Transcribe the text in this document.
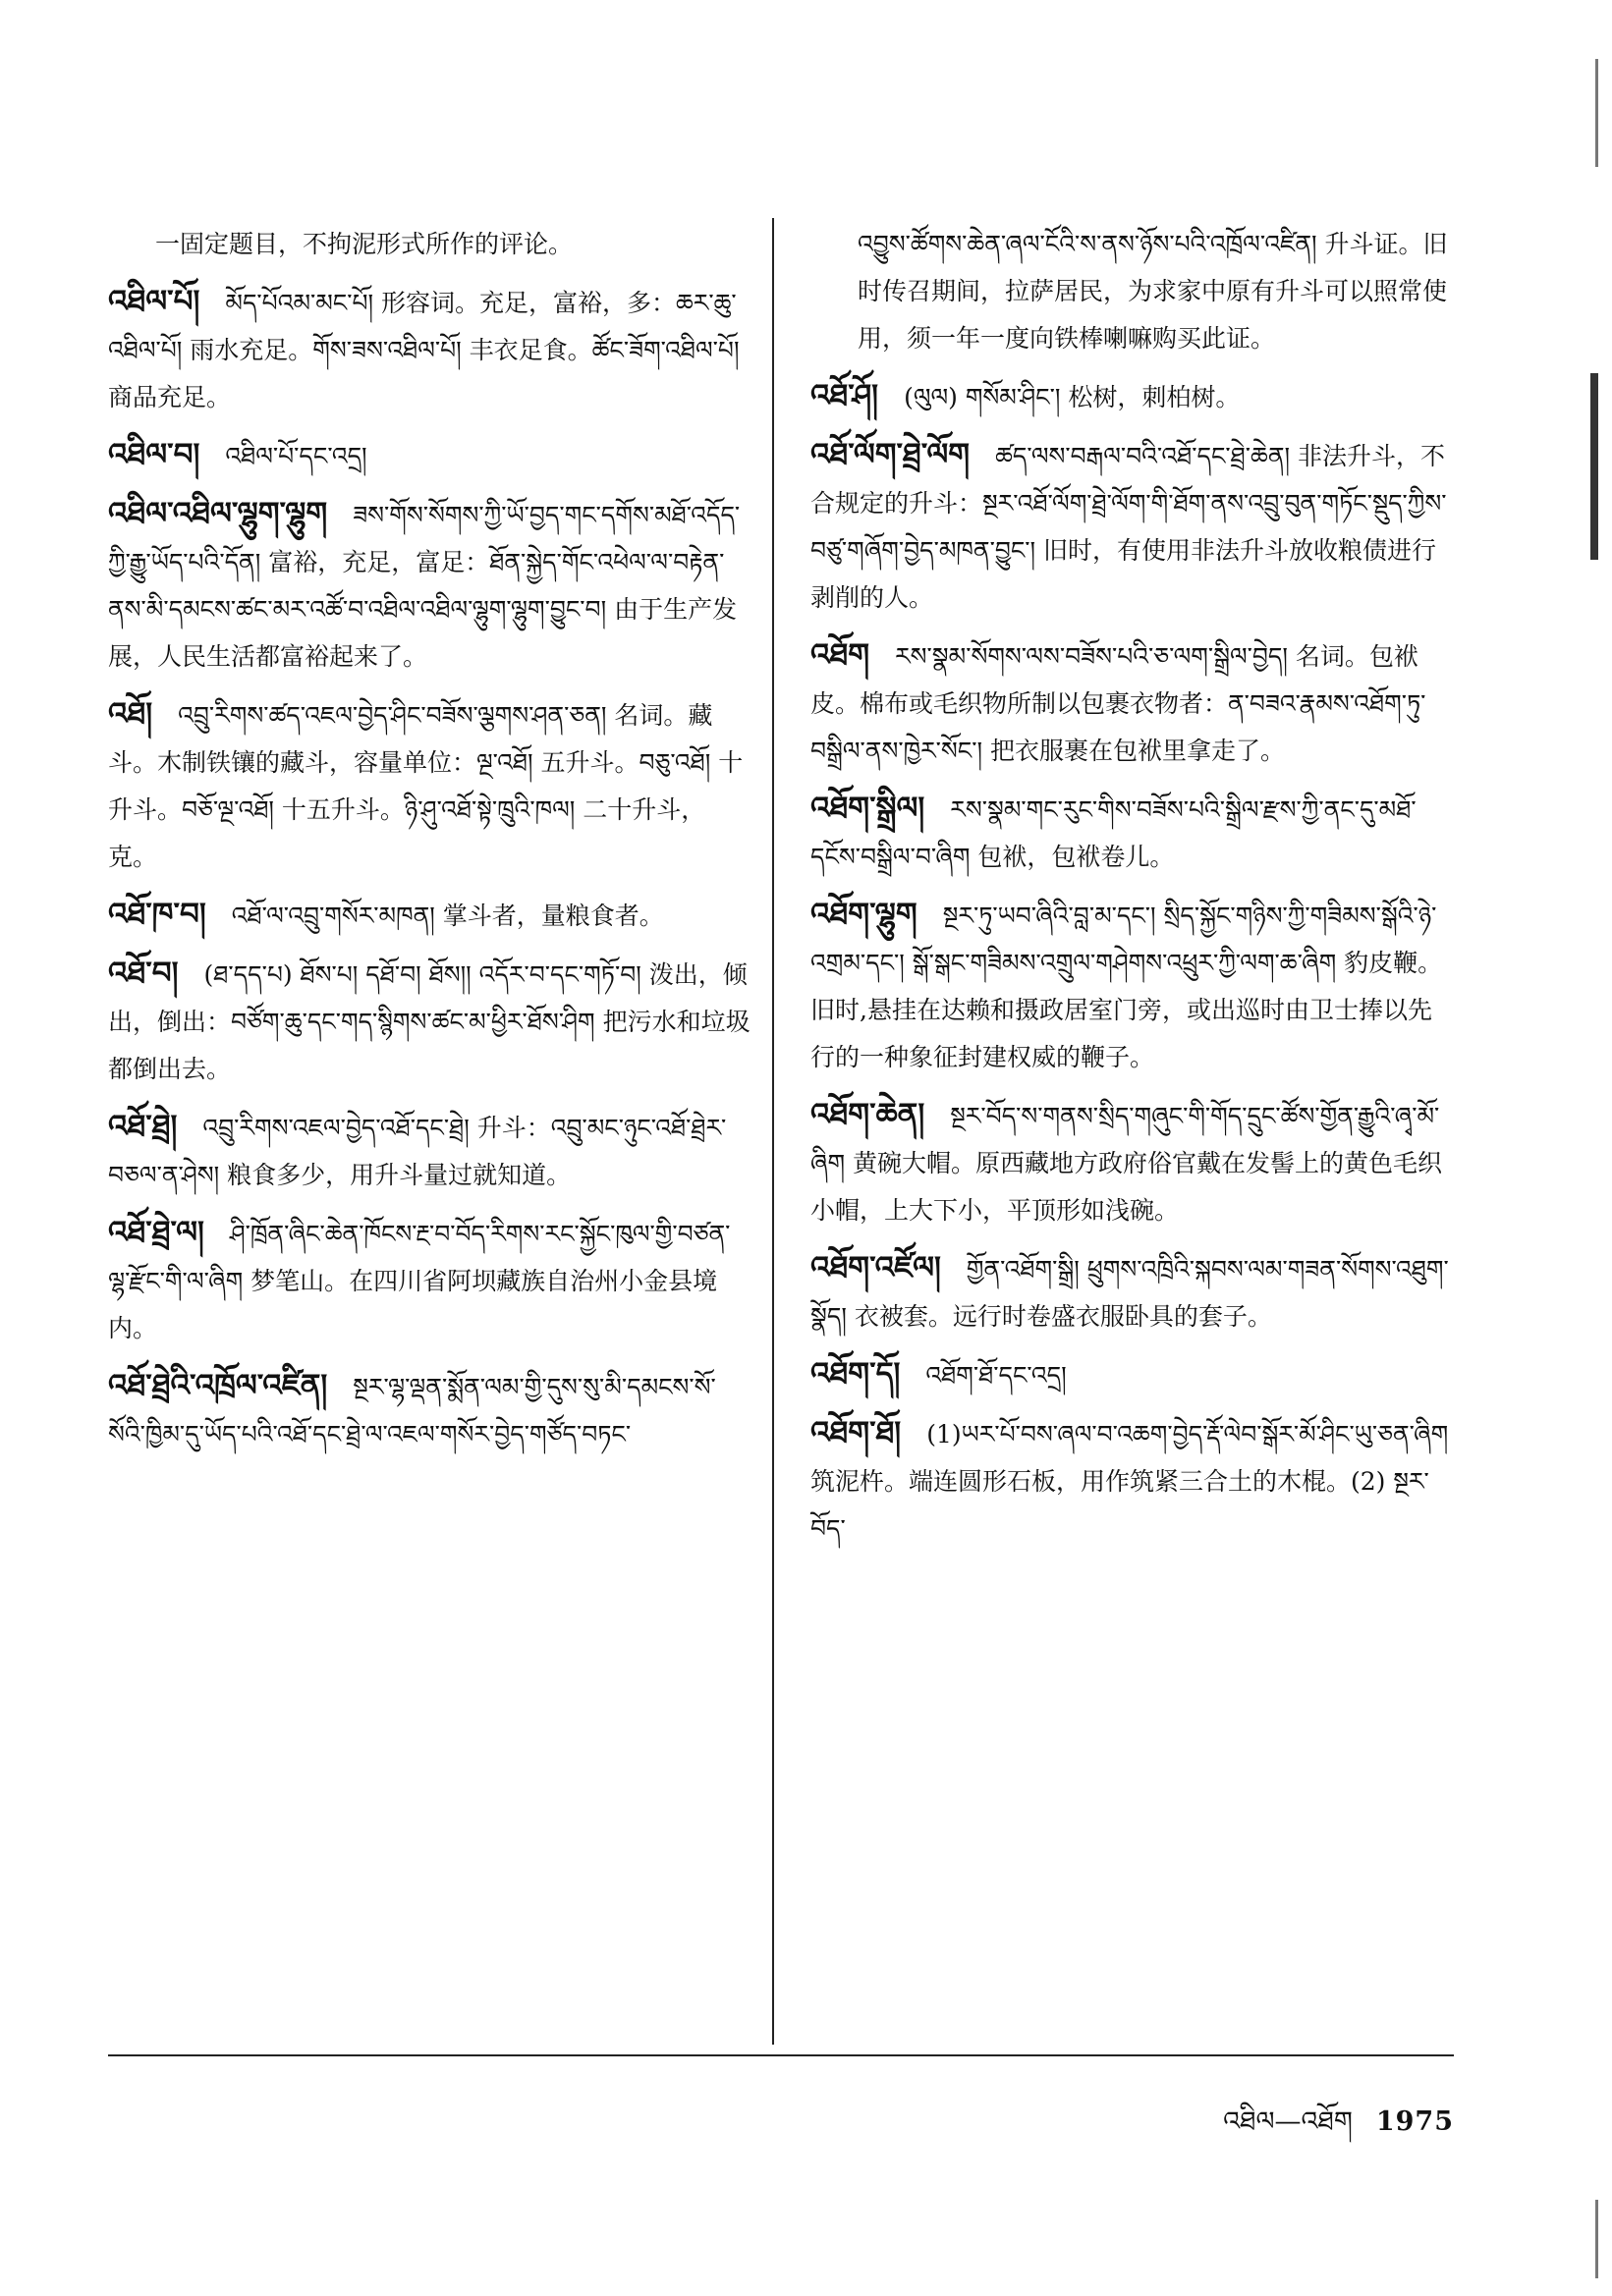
一固定题目，不拘泥形式所作的评论。
འཐིལ་པོ། མོད་པོའམ་མང་པོ། 形容词。充足，富裕，多：ཆར་ཆུ་འཐིལ་པོ། 雨水充足。གོས་ཟས་འཐིལ་པོ། 丰衣足食。ཚོང་ཟོག་འཐིལ་པོ། 商品充足。
འཐིལ་བ། འཐིལ་པོ་དང་འདྲ།
འཐིལ་འཐིལ་ལྷུག་ལྷུག ཟས་གོས་སོགས་ཀྱི་ཡོ་བྱད་གང་དགོས་མཐོ་འདོད་ཀྱི་རྒྱུ་ཡོད་པའི་དོན། 富裕，充足，富足：ཐོན་སྐྱེད་གོང་འཕེལ་ལ་བརྟེན་ནས་མི་དམངས་ཚང་མར་འཚོ་བ་འཐིལ་འཐིལ་ལྷུག་ལྷུག་བྱུང་བ། 由于生产发展，人民生活都富裕起来了。
འཐོ། འབྲུ་རིགས་ཚད་འཇལ་བྱེད་ཤིང་བཟོས་ལྕགས་ཤན་ཅན། 名词。藏斗。木制铁镶的藏斗，容量单位：ལྔ་འཐོ། 五升斗。བཅུ་འཐོ། 十升斗。བཅོ་ལྔ་འཐོ། 十五升斗。ཉི་ཤུ་འཐོ་སྟེ་ཁྲུའི་ཁལ། 二十升斗，克。
འཐོ་ཁ་བ། འཐོ་ལ་འབྲུ་གསོར་མཁན། 掌斗者，量粮食者。
འཐོ་བ། (ཐ་དད་པ) ཐོས་པ། དཐོ་བ། ཐོས།། འདོར་བ་དང་གཏོ་བ། 泼出，倾出，倒出：བཙོག་ཆུ་དང་གད་སྙིགས་ཚང་མ་ཕྱིར་ཐོས་ཤིག 把污水和垃圾都倒出去。
འཐོ་ཐྲེ། འབྲུ་རིགས་འཇལ་བྱེད་འཐོ་དང་ཐྲེ། 升斗：འབྲུ་མང་ཉུང་འཐོ་ཐྲེར་བཅལ་ན་ཤེས། 粮食多少，用升斗量过就知道。
འཐོ་ཐྲེ་ལ། ཤི་ཁྲོན་ཞིང་ཆེན་ཁོངས་རྔ་བ་བོད་རིགས་རང་སྐྱོང་ཁུལ་གྱི་བཙན་ལྷ་རྫོང་གི་ལ་ཞིག 梦笔山。在四川省阿坝藏族自治州小金县境内。
འཐོ་ཐྲེའི་འཁྲོལ་འཛིན། སྔར་ལྷ་ལྡན་སྨོན་ལམ་གྱི་དུས་སུ་མི་དམངས་སོ་སོའི་ཁྱིམ་དུ་ཡོད་པའི་འཐོ་དང་ཐྲེ་ལ་འཇལ་གསོར་བྱེད་གཙོད་བཏང་
འབྱུས་ཚོགས་ཆེན་ཞལ་ངོའི་ས་ནས་ཉོས་པའི་འཁྲོལ་འཛིན། 升斗证。旧时传召期间，拉萨居民，为求家中原有升斗可以照常使用，须一年一度向铁棒喇嘛购买此证。
འཐོ་ཤོ། (ལུལ) གསོམ་ཤིང་། 松树，刺柏树。
འཐོ་ལོག་ཐྲེ་ལོག ཚད་ལས་བརྒལ་བའི་འཐོ་དང་ཐྲེ་ཆེན། 非法升斗，不合规定的升斗：སྔར་འཐོ་ལོག་ཐྲེ་ལོག་གི་ཐོག་ནས་འབྲུ་བུན་གཏོང་སྡུད་ཀྱིས་བཙུ་གཞོག་བྱེད་མཁན་བྱུང་། 旧时，有使用非法升斗放收粮债进行剥削的人。
འཐོག རས་སྣམ་སོགས་ལས་བཟོས་པའི་ཅ་ལག་སྒྲིལ་བྱེད། 名词。包袱皮。棉布或毛织物所制以包裹衣物者：ན་བཟའ་རྣམས་འཐོག་ཏུ་བསྒྲིལ་ནས་ཁྱེར་སོང་། 把衣服裹在包袱里拿走了。
འཐོག་སྒྲིལ། རས་སྣམ་གང་རུང་གིས་བཟོས་པའི་སྒྲིལ་རྫས་ཀྱི་ནང་དུ་མཐོ་དངོས་བསྒྲིལ་བ་ཞིག 包袱，包袱卷儿。
འཐོག་ལྷུག སྔར་ཏུ་ཡབ་ཞིའི་བླ་མ་དང་། སྲིད་སྐྱོང་གཉིས་ཀྱི་གཟིམས་སྒོའི་ཉེ་འགྲམ་དང་། སྒོ་སྒང་གཟིམས་འགྲུལ་གཤེགས་འཕྲུར་ཀྱི་ལག་ཆ་ཞིག 豹皮鞭。旧时,悬挂在达赖和摄政居室门旁，或出巡时由卫士捧以先行的一种象征封建权威的鞭子。
འཐོག་ཆེན། སྔར་བོད་ས་གནས་སྲིད་གཞུང་གི་གོད་དྲུང་ཚོས་གྱོན་རྒྱུའི་ཞྭ་མོ་ཞིག 黄碗大帽。原西藏地方政府俗官戴在发髻上的黄色毛织小帽，上大下小，平顶形如浅碗。
འཐོག་འཛོལ། གྱོན་འཐོག་སྒྲི། ཕྲུགས་འཁྲིའི་སྐབས་ལམ་གཟན་སོགས་འཐུག་སྣོད། 衣被套。远行时卷盛衣服卧具的套子。
འཐོག་དོ། འཐོག་ཐོ་དང་འདྲ།
འཐོག་ཐོ། (1)ཡར་པོ་བས་ཞལ་བ་འཆག་བྱེད་རྡོ་ལེབ་སྒོར་མོ་ཤིང་ཡུ་ཅན་ཞིག 筑泥杵。端连圆形石板，用作筑紧三合土的木棍。(2) སྔར་བོད་
འཐིལ—འཐོག 1975
